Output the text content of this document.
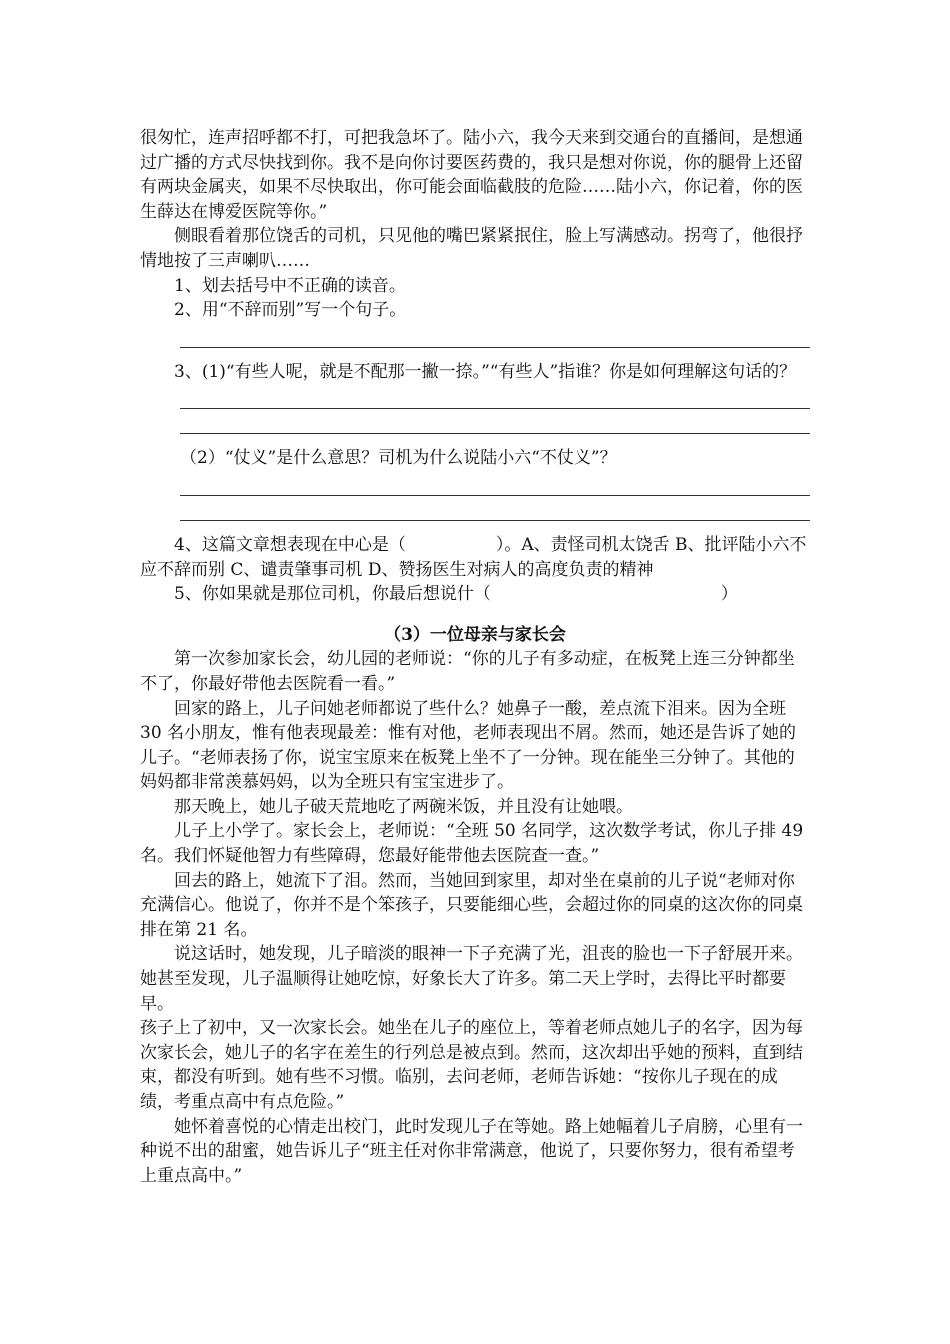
很匆忙，连声招呼都不打，可把我急坏了。陆小六，我今天来到交通台的直播间，是想通过广播的方式尽快找到你。我不是向你讨要医药费的，我只是想对你说，你的腿骨上还留有两块金属夹，如果不尽快取出，你可能会面临截肢的危险……陆小六，你记着，你的医生薛达在博爱医院等你。”

侧眼看着那位饶舌的司机，只见他的嘴巴紧紧抿住，脸上写满感动。拐弯了，他很抒情地按了三声喇叭……

1、划去括号中不正确的读音。

2、用“不辞而别”写一个句子。

3、(1)“有些人呢，就是不配那一撇一捺。”“有些人”指谁？你是如何理解这句话的？

（2）“仗义”是什么意思？司机为什么说陆小六“不仗义”？

4、这篇文章想表现在中心是（	）。A、责怪司机太饶舌 B、批评陆小六不应不辞而别 C、谴责肇事司机 D、赞扬医生对病人的高度负责的精神

5、你如果就是那位司机，你最后想说什（	）

（3）一位母亲与家长会

第一次参加家长会，幼儿园的老师说：“你的儿子有多动症，在板凳上连三分钟都坐不了，你最好带他去医院看一看。”

回家的路上，儿子问她老师都说了些什么？她鼻子一酸，差点流下泪来。因为全班 30 名小朋友，惟有他表现最差：惟有对他，老师表现出不屑。然而，她还是告诉了她的儿子。“老师表扬了你，说宝宝原来在板凳上坐不了一分钟。现在能坐三分钟了。其他的妈妈都非常羡慕妈妈，以为全班只有宝宝进步了。

那天晚上，她儿子破天荒地吃了两碗米饭，并且没有让她喂。

儿子上小学了。家长会上，老师说：“全班 50 名同学，这次数学考试，你儿子排 49 名。我们怀疑他智力有些障碍，您最好能带他去医院查一查。”

回去的路上，她流下了泪。然而，当她回到家里，却对坐在桌前的儿子说“老师对你充满信心。他说了，你并不是个笨孩子，只要能细心些，会超过你的同桌的这次你的同桌排在第 21 名。

说这话时，她发现，儿子暗淡的眼神一下子充满了光，沮丧的脸也一下子舒展开来。她甚至发现，儿子温顺得让她吃惊，好象长大了许多。第二天上学时，去得比平时都要早。

孩子上了初中，又一次家长会。她坐在儿子的座位上，等着老师点她儿子的名字，因为每次家长会，她儿子的名字在差生的行列总是被点到。然而，这次却出乎她的预料，直到结束，都没有听到。她有些不习惯。临别，去问老师，老师告诉她：“按你儿子现在的成绩，考重点高中有点危险。”

她怀着喜悦的心情走出校门，此时发现儿子在等她。路上她幅着儿子肩膀，心里有一种说不出的甜蜜，她告诉儿子“班主任对你非常满意，他说了，只要你努力，很有希望考上重点高中。”
